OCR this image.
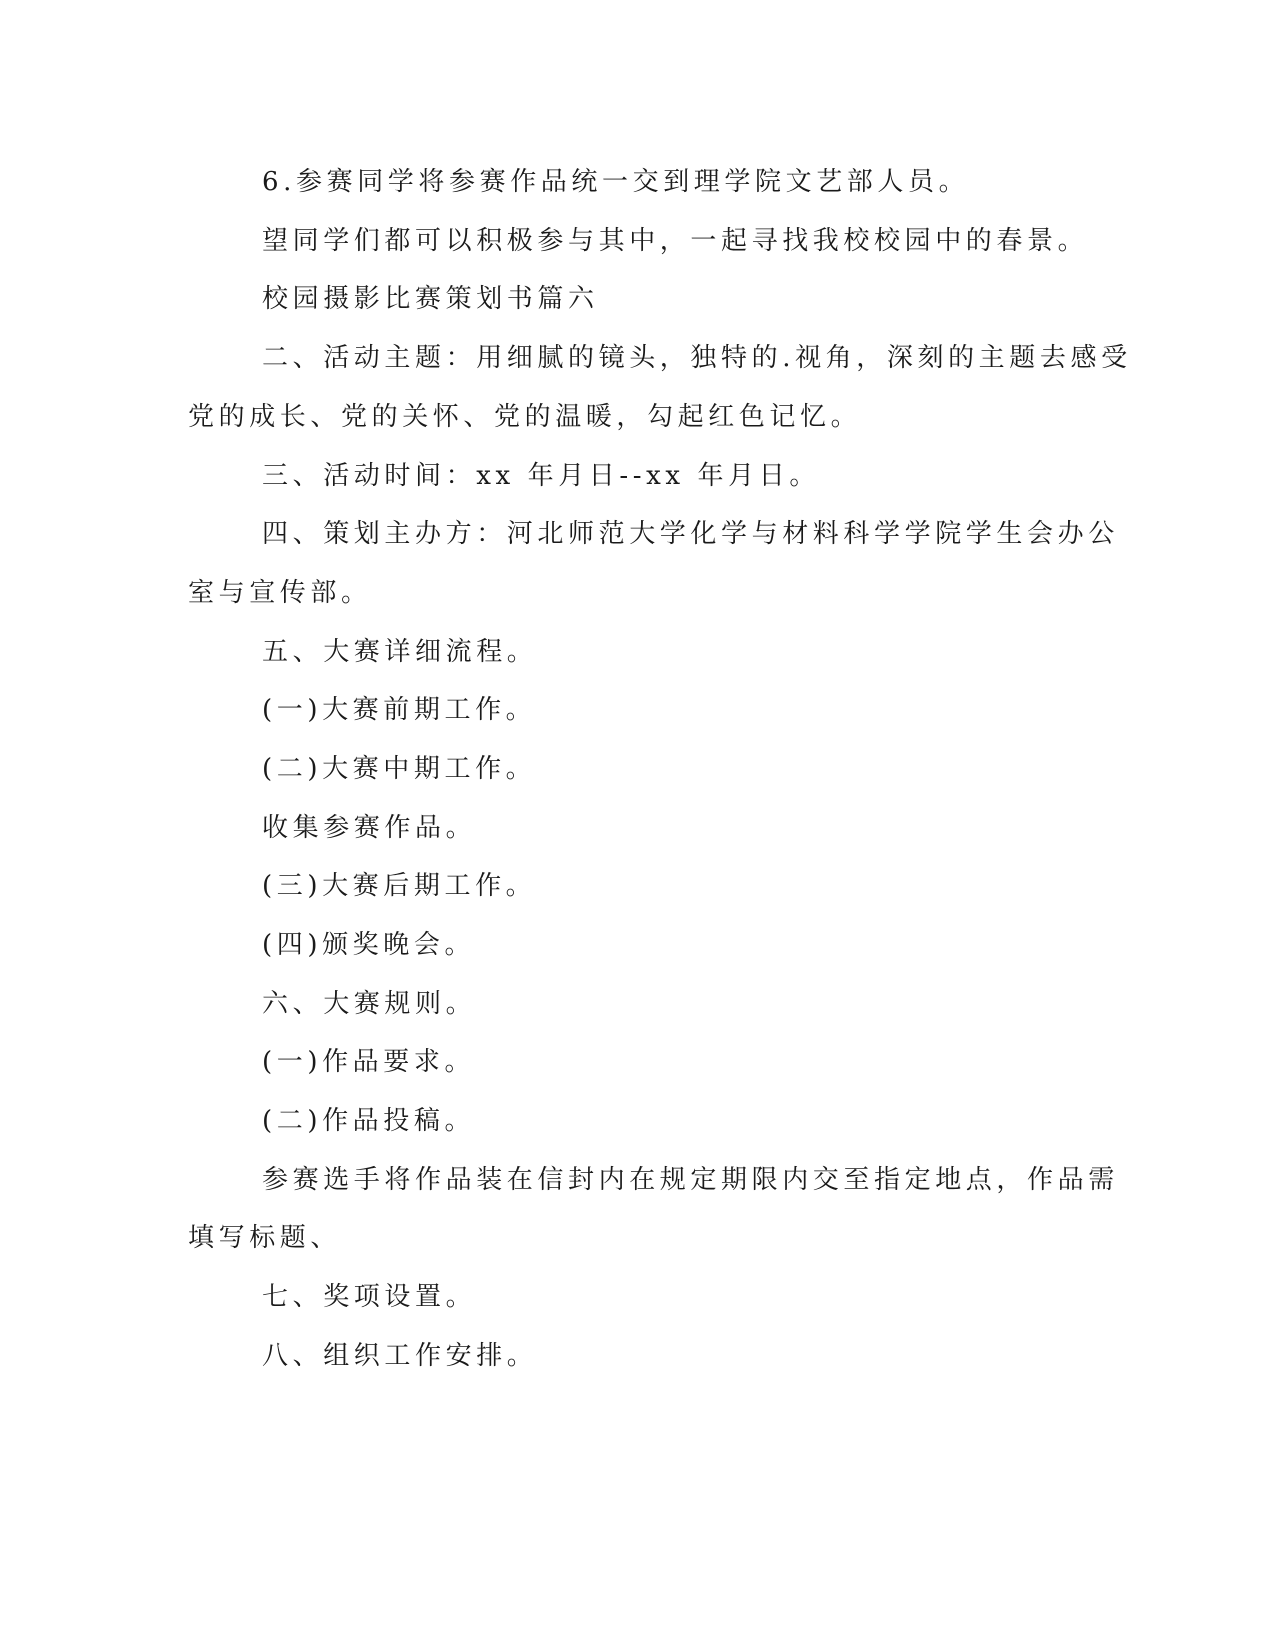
6.参赛同学将参赛作品统一交到理学院文艺部人员。
望同学们都可以积极参与其中，一起寻找我校校园中的春景。
校园摄影比赛策划书篇六
二、活动主题：用细腻的镜头，独特的.视角，深刻的主题去感受
党的成长、党的关怀、党的温暖，勾起红色记忆。
三、活动时间：xx 年月日--xx 年月日。
四、策划主办方：河北师范大学化学与材料科学学院学生会办公
室与宣传部。
五、大赛详细流程。
(一)大赛前期工作。
(二)大赛中期工作。
收集参赛作品。
(三)大赛后期工作。
(四)颁奖晚会。
六、大赛规则。
(一)作品要求。
(二)作品投稿。
参赛选手将作品装在信封内在规定期限内交至指定地点，作品需
填写标题、
七、奖项设置。
八、组织工作安排。
